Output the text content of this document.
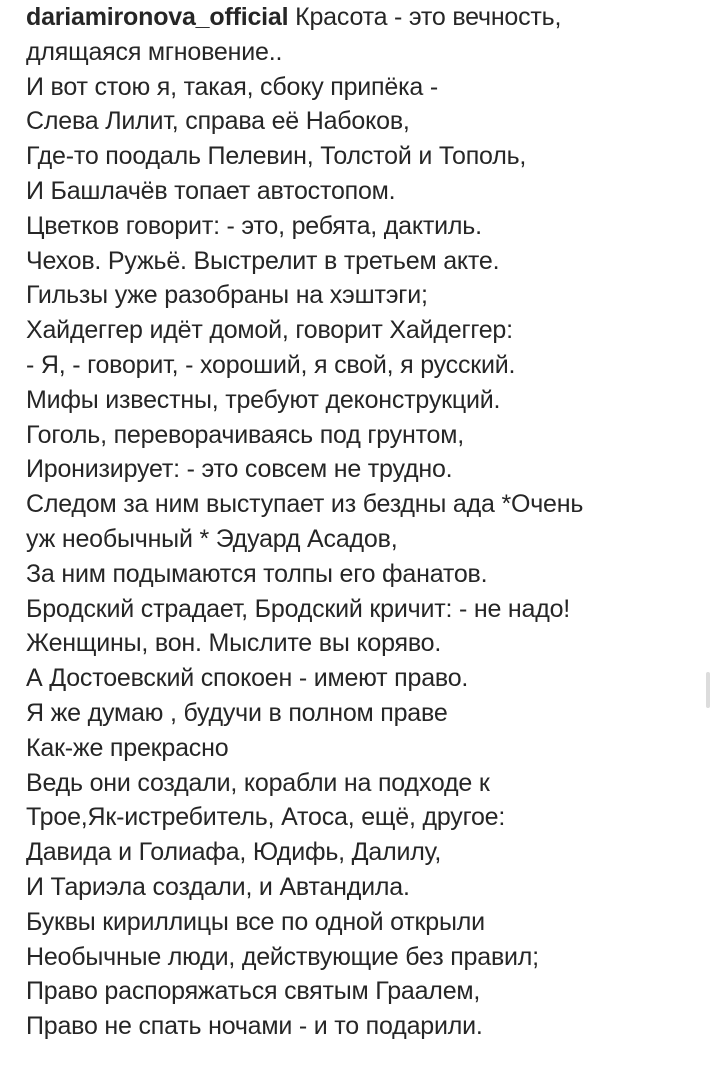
dariamironova_official Красота - это вечность,
длящаяся мгновение..
И вот стою я, такая, сбоку припёка -
Слева Лилит, справа её Набоков,
Где-то поодаль Пелевин, Толстой и Тополь,
И Башлачёв топает автостопом.
Цветков говорит: - это, ребята, дактиль.
Чехов. Ружьё. Выстрелит в третьем акте.
Гильзы уже разобраны на хэштэги;
Хайдеггер идёт домой, говорит Хайдеггер:
- Я, - говорит, - хороший, я свой, я русский.
Мифы известны, требуют деконструкций.
Гоголь, переворачиваясь под грунтом,
Иронизирует: - это совсем не трудно.
Следом за ним выступает из бездны ада *Очень
уж необычный * Эдуард Асадов,
За ним подымаются толпы его фанатов.
Бродский страдает, Бродский кричит: - не надо!
Женщины, вон. Мыслите вы коряво.
А Достоевский спокоен - имеют право.
Я же думаю , будучи в полном праве
Как-же прекрасно
Ведь они создали, корабли на подходе к
Трое,Як-истребитель, Атоса, ещё, другое:
Давида и Голиафа, Юдифь, Далилу,
И Тариэла создали, и Автандила.
Буквы кириллицы все по одной открыли
Необычные люди, действующие без правил;
Право распоряжаться святым Граалем,
Право не спать ночами - и то подарили.
